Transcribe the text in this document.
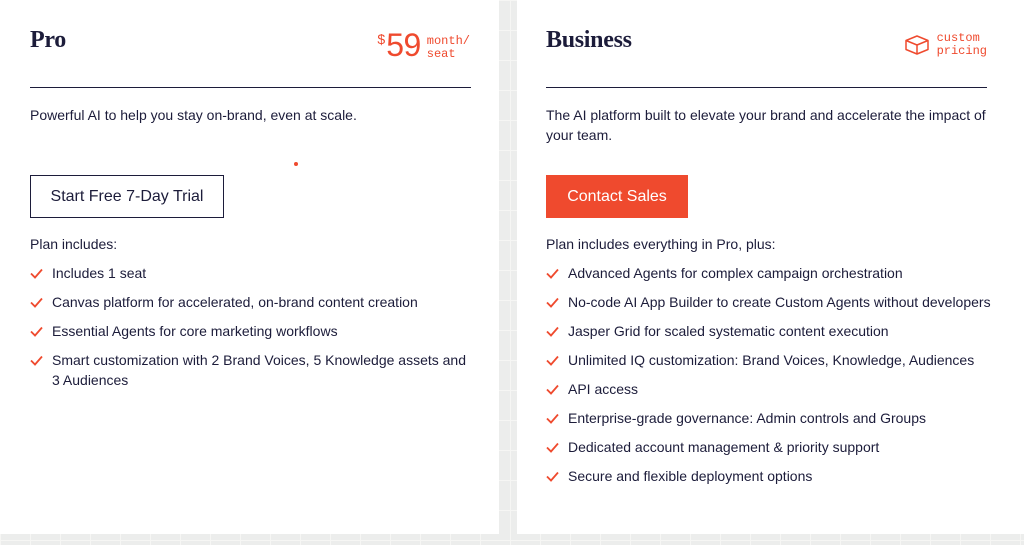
Pro	$ 59 month/
seat

Powerful AI to help you stay on-brand, even at scale.

Start Free 7-Day Trial
Plan includes:
Includes 1 seat
Canvas platform for accelerated, on-brand content creation
Essential Agents for core marketing workflows
Smart customization with 2 Brand Voices, 5 Knowledge assets and 3 Audiences
Business	custom
pricing

The AI platform built to elevate your brand and accelerate the impact of your team.

Contact Sales
Plan includes everything in Pro, plus:
Advanced Agents for complex campaign orchestration
No-code AI App Builder to create Custom Agents without developers
Jasper Grid for scaled systematic content execution
Unlimited IQ customization: Brand Voices, Knowledge, Audiences
API access
Enterprise-grade governance: Admin controls and Groups
Dedicated account management & priority support
Secure and flexible deployment options
